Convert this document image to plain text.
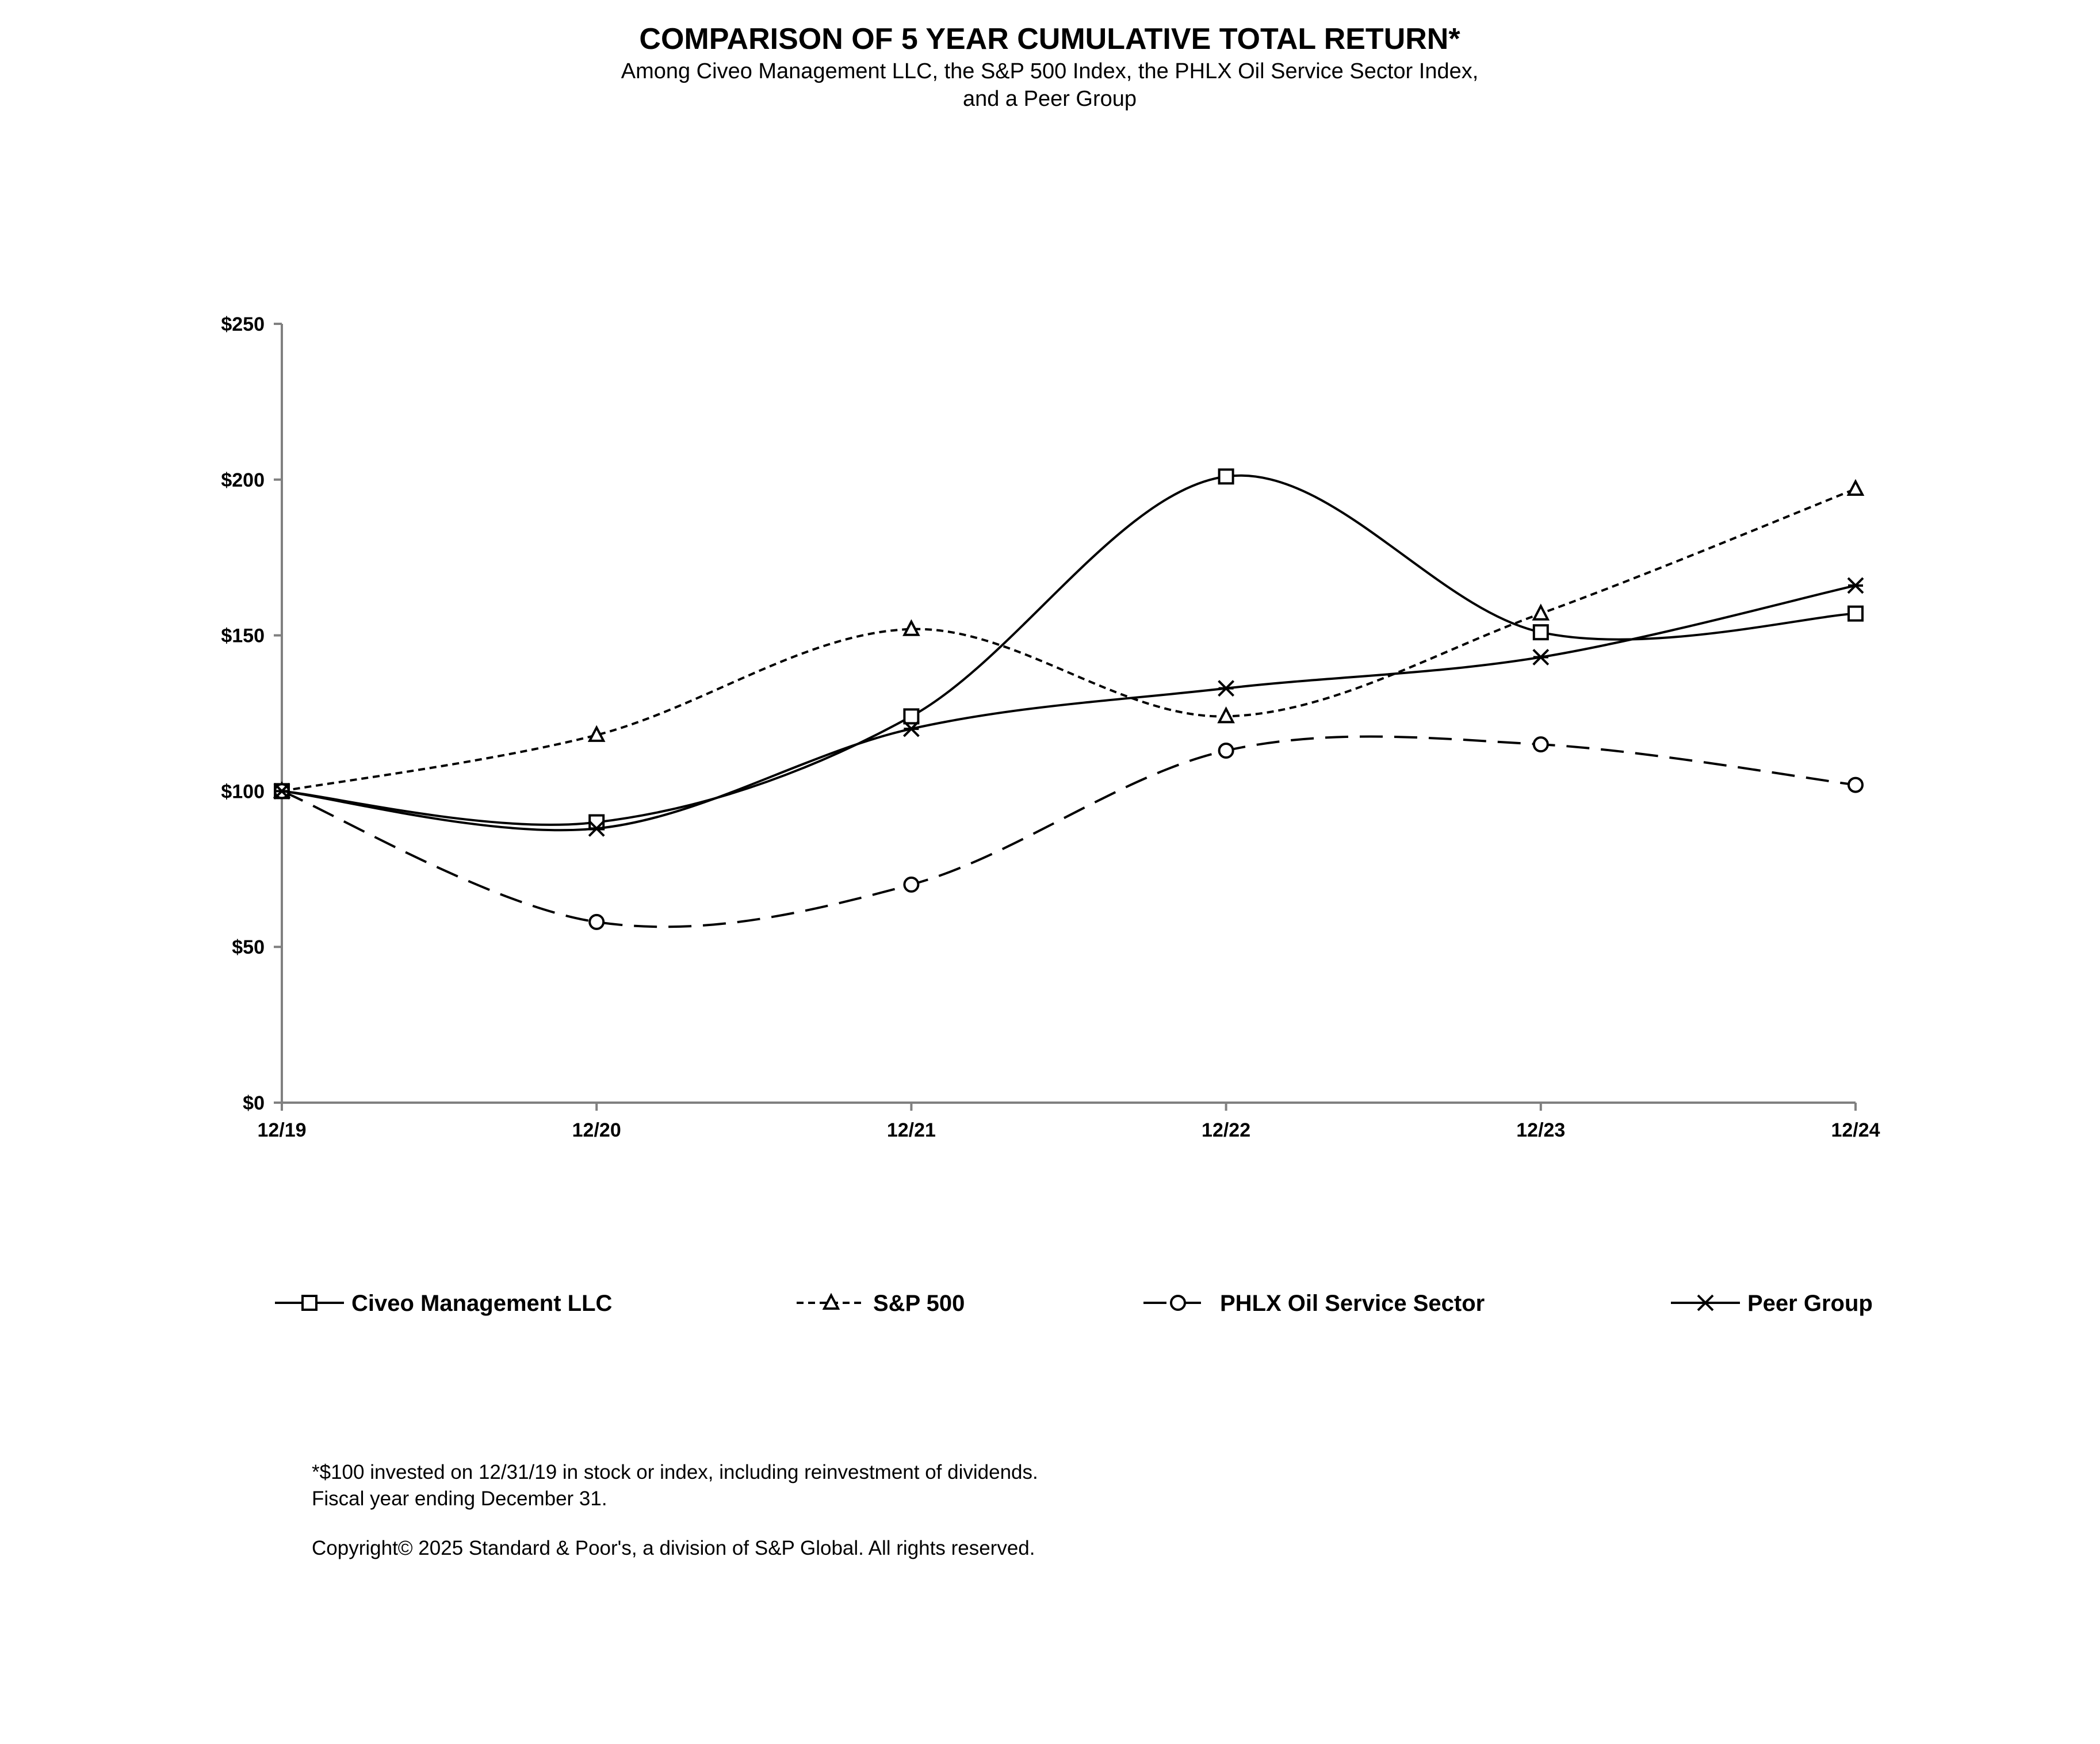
COMPARISON OF 5 YEAR CUMULATIVE TOTAL RETURN*
Among Civeo Management LLC, the S&P 500 Index, the PHLX Oil Service Sector Index,
and a Peer Group
$0
$50
$100
$150
$200
$250
12/19	12/20	12/21	12/22	12/23	12/24
Civeo Management LLC	S&P 500	PHLX Oil Service Sector	Peer Group
*$100 invested on 12/31/19 in stock or index, including reinvestment of dividends.
Fiscal year ending December 31.
Copyright© 2025 Standard & Poor's, a division of S&P Global. All rights reserved.
